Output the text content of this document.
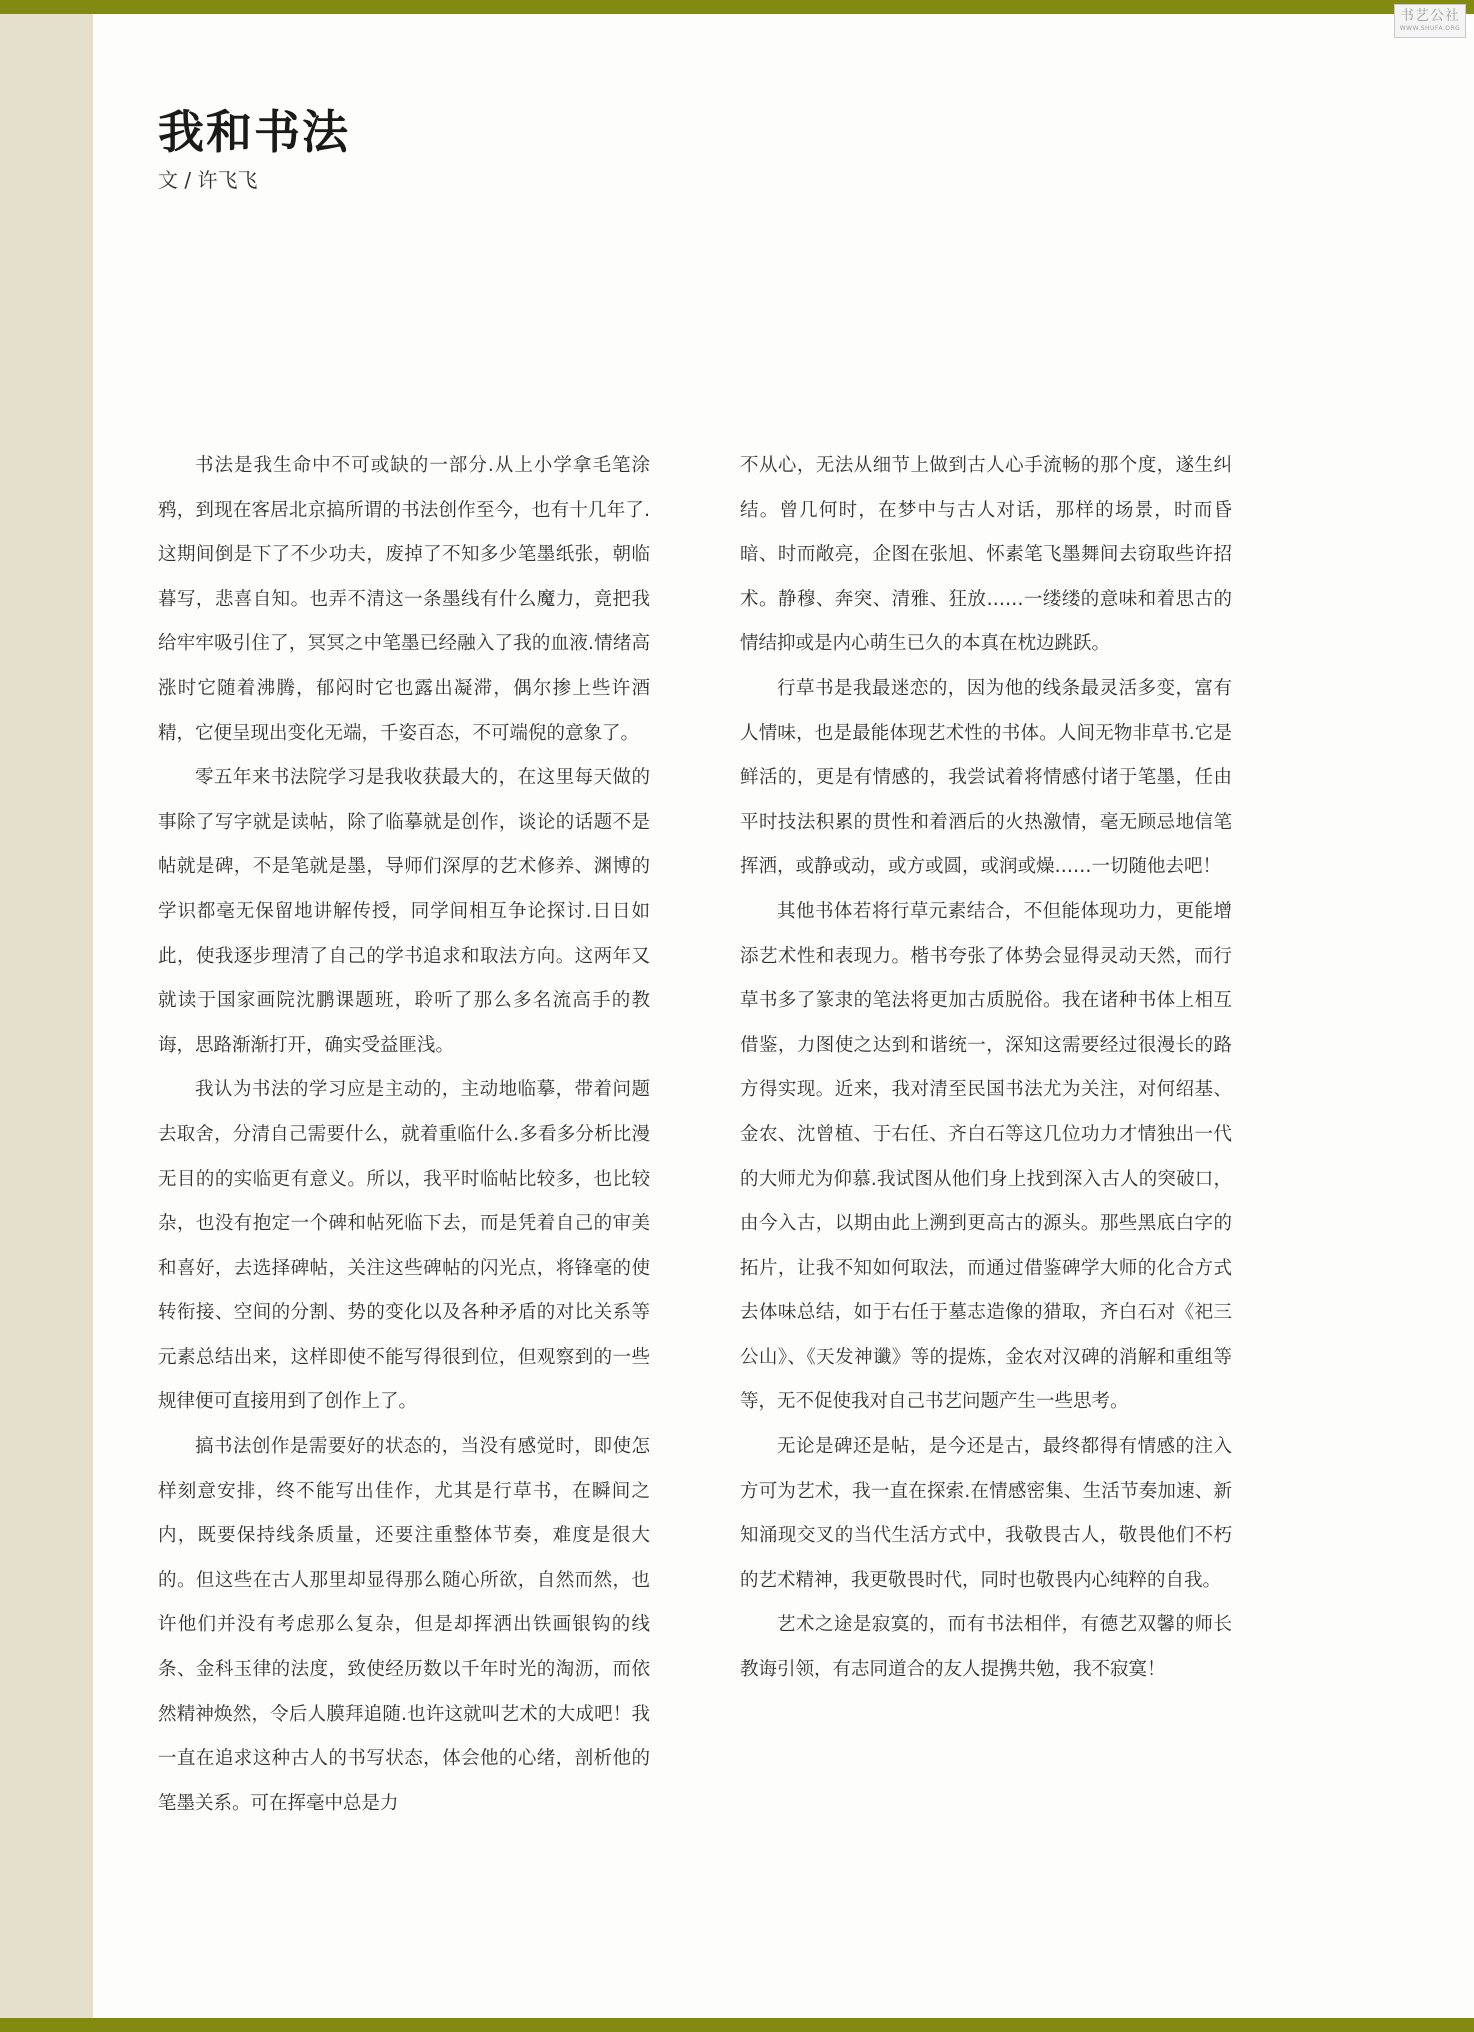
书艺公社
WWW.SHUFA.ORG
我和书法
文 / 许飞飞

书法是我生命中不可或缺的一部分.从上小学拿毛笔涂鸦，到现在客居北京搞所谓的书法创作至今，也有十几年了.这期间倒是下了不少功夫，废掉了不知多少笔墨纸张，朝临暮写，悲喜自知。也弄不清这一条墨线有什么魔力，竟把我给牢牢吸引住了，冥冥之中笔墨已经融入了我的血液.情绪高涨时它随着沸腾，郁闷时它也露出凝滞，偶尔掺上些许酒精，它便呈现出变化无端，千姿百态，不可端倪的意象了。

零五年来书法院学习是我收获最大的，在这里每天做的事除了写字就是读帖，除了临摹就是创作，谈论的话题不是帖就是碑，不是笔就是墨，导师们深厚的艺术修养、渊博的学识都毫无保留地讲解传授，同学间相互争论探讨.日日如此，使我逐步理清了自己的学书追求和取法方向。这两年又就读于国家画院沈鹏课题班，聆听了那么多名流高手的教诲，思路渐渐打开，确实受益匪浅。

我认为书法的学习应是主动的，主动地临摹，带着问题去取舍，分清自己需要什么，就着重临什么.多看多分析比漫无目的的实临更有意义。所以，我平时临帖比较多，也比较杂，也没有抱定一个碑和帖死临下去，而是凭着自己的审美和喜好，去选择碑帖，关注这些碑帖的闪光点，将锋毫的使转衔接、空间的分割、势的变化以及各种矛盾的对比关系等元素总结出来，这样即使不能写得很到位，但观察到的一些规律便可直接用到了创作上了。

搞书法创作是需要好的状态的，当没有感觉时，即使怎样刻意安排，终不能写出佳作，尤其是行草书，在瞬间之内，既要保持线条质量，还要注重整体节奏，难度是很大的。但这些在古人那里却显得那么随心所欲，自然而然，也许他们并没有考虑那么复杂，但是却挥洒出铁画银钩的线条、金科玉律的法度，致使经历数以千年时光的淘沥，而依然精神焕然，令后人膜拜追随.也许这就叫艺术的大成吧！我一直在追求这种古人的书写状态，体会他的心绪，剖析他的笔墨关系。可在挥毫中总是力

不从心，无法从细节上做到古人心手流畅的那个度，遂生纠结。曾几何时，在梦中与古人对话，那样的场景，时而昏暗、时而敞亮，企图在张旭、怀素笔飞墨舞间去窃取些许招术。静穆、奔突、清雅、狂放……一缕缕的意味和着思古的情结抑或是内心萌生已久的本真在枕边跳跃。

行草书是我最迷恋的，因为他的线条最灵活多变，富有人情味，也是最能体现艺术性的书体。人间无物非草书.它是鲜活的，更是有情感的，我尝试着将情感付诸于笔墨，任由平时技法积累的贯性和着酒后的火热激情，毫无顾忌地信笔挥洒，或静或动，或方或圆，或润或燥……一切随他去吧！

其他书体若将行草元素结合，不但能体现功力，更能增添艺术性和表现力。楷书夸张了体势会显得灵动天然，而行草书多了篆隶的笔法将更加古质脱俗。我在诸种书体上相互借鉴，力图使之达到和谐统一，深知这需要经过很漫长的路方得实现。近来，我对清至民国书法尤为关注，对何绍基、金农、沈曾植、于右任、齐白石等这几位功力才情独出一代的大师尤为仰慕.我试图从他们身上找到深入古人的突破口，由今入古，以期由此上溯到更高古的源头。那些黑底白字的拓片，让我不知如何取法，而通过借鉴碑学大师的化合方式去体味总结，如于右任于墓志造像的猎取，齐白石对《祀三公山》、《天发神谶》等的提炼，金农对汉碑的消解和重组等等，无不促使我对自己书艺问题产生一些思考。

无论是碑还是帖，是今还是古，最终都得有情感的注入方可为艺术，我一直在探索.在情感密集、生活节奏加速、新知涌现交叉的当代生活方式中，我敬畏古人，敬畏他们不朽的艺术精神，我更敬畏时代，同时也敬畏内心纯粹的自我。

艺术之途是寂寞的，而有书法相伴，有德艺双馨的师长教诲引领，有志同道合的友人提携共勉，我不寂寞！
